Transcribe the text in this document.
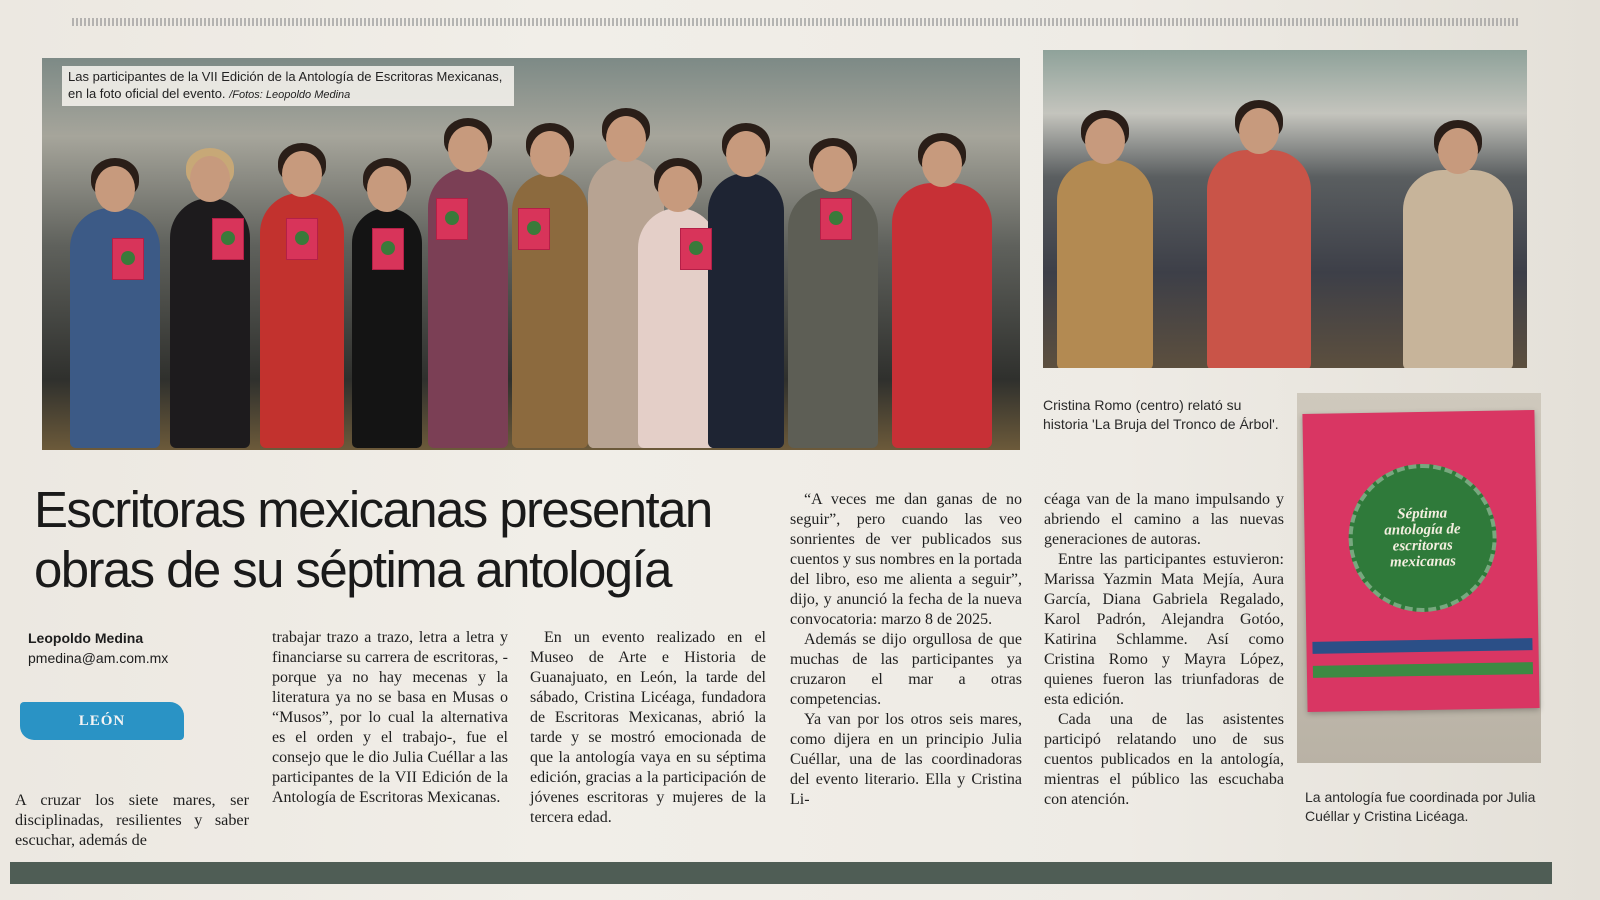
Las participantes de la VII Edición de la Antología de Escritoras Mexicanas, en la foto oficial del evento. /Fotos: Leopoldo Medina
Cristina Romo (centro) relató su historia 'La Bruja del Tronco de Árbol'.
Séptima antología de escritoras mexicanas
La antología fue coordinada por Julia Cuéllar y Cristina Licéaga.
Escritoras mexicanas presentan obras de su séptima antología
Leopoldo Medina
pmedina@am.com.mx
LEÓN

A cruzar los siete mares, ser disciplinadas, resilientes y saber escuchar, además de

trabajar trazo a trazo, letra a letra y financiarse su carrera de escritoras, -porque ya no hay mecenas y la literatura ya no se basa en Musas o “Musos”, por lo cual la alternativa es el orden y el trabajo-, fue el consejo que le dio Julia Cuéllar a las participantes de la VII Edición de la Antología de Escritoras Mexicanas.

En un evento realizado en el Museo de Arte e Historia de Guanajuato, en León, la tarde del sábado, Cristina Licéaga, fundadora de Escritoras Mexicanas, abrió la tarde y se mostró emocionada de que la antología vaya en su séptima edición, gracias a la participación de jóvenes escritoras y mujeres de la tercera edad.

“A veces me dan ganas de no seguir”, pero cuando las veo sonrientes de ver publicados sus cuentos y sus nombres en la portada del libro, eso me alienta a seguir”, dijo, y anunció la fecha de la nueva convocatoria: marzo 8 de 2025.

Además se dijo orgullosa de que muchas de las participantes ya cruzaron el mar a otras competencias.

Ya van por los otros seis mares, como dijera en un principio Julia Cuéllar, una de las coordinadoras del evento literario. Ella y Cristina Li-

céaga van de la mano impulsando y abriendo el camino a las nuevas generaciones de autoras.

Entre las participantes estuvieron: Marissa Yazmin Mata Mejía, Aura García, Diana Gabriela Regalado, Karol Padrón, Alejandra Gotóo, Katirina Schlamme. Así como Cristina Romo y Mayra López, quienes fueron las triunfadoras de esta edición.

Cada una de las asistentes participó relatando uno de sus cuentos publicados en la antología, mientras el público las escuchaba con atención.
